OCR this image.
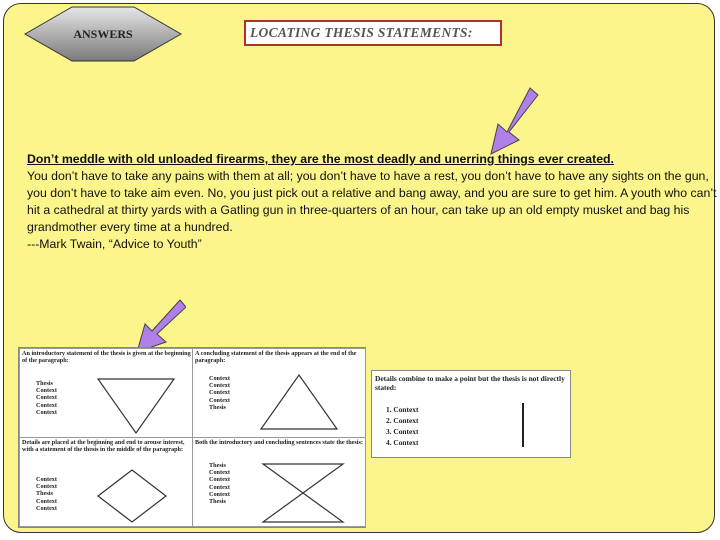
ANSWERS	LOCATING THESIS STATEMENTS:

Don’t meddle with old unloaded firearms, they are the most deadly and unerring things ever created.

You don’t have to take any pains with them at all; you don’t have to have a rest, you don’t have to have any sights on the gun, you don’t have to take aim even. No, you just pick out a relative and bang away, and you are sure to get him. A youth who can’t hit a cathedral at thirty yards with a Gatling gun in three-quarters of an hour, can take up an old empty musket and bag his grandmother every time at a hundred.

---Mark Twain, “Advice to Youth”

An introductory statement of the thesis is given at the beginning of the paragraph:
Thesis
Context
Context
Context
Context
A concluding statement of the thesis appears at the end of the paragraph:
Context
Context
Context
Context
Thesis
Details are placed at the beginning and end to arouse interest, with a statement of the thesis in the middle of the paragraph:
Context
Context
Thesis
Context
Context
Both the introductory and concluding sentences state the thesis:
Thesis
Context
Context
Context
Context
Thesis
Details combine to make a point but the thesis is not directly stated:
1. Context
2. Context
3. Context
4. Context
